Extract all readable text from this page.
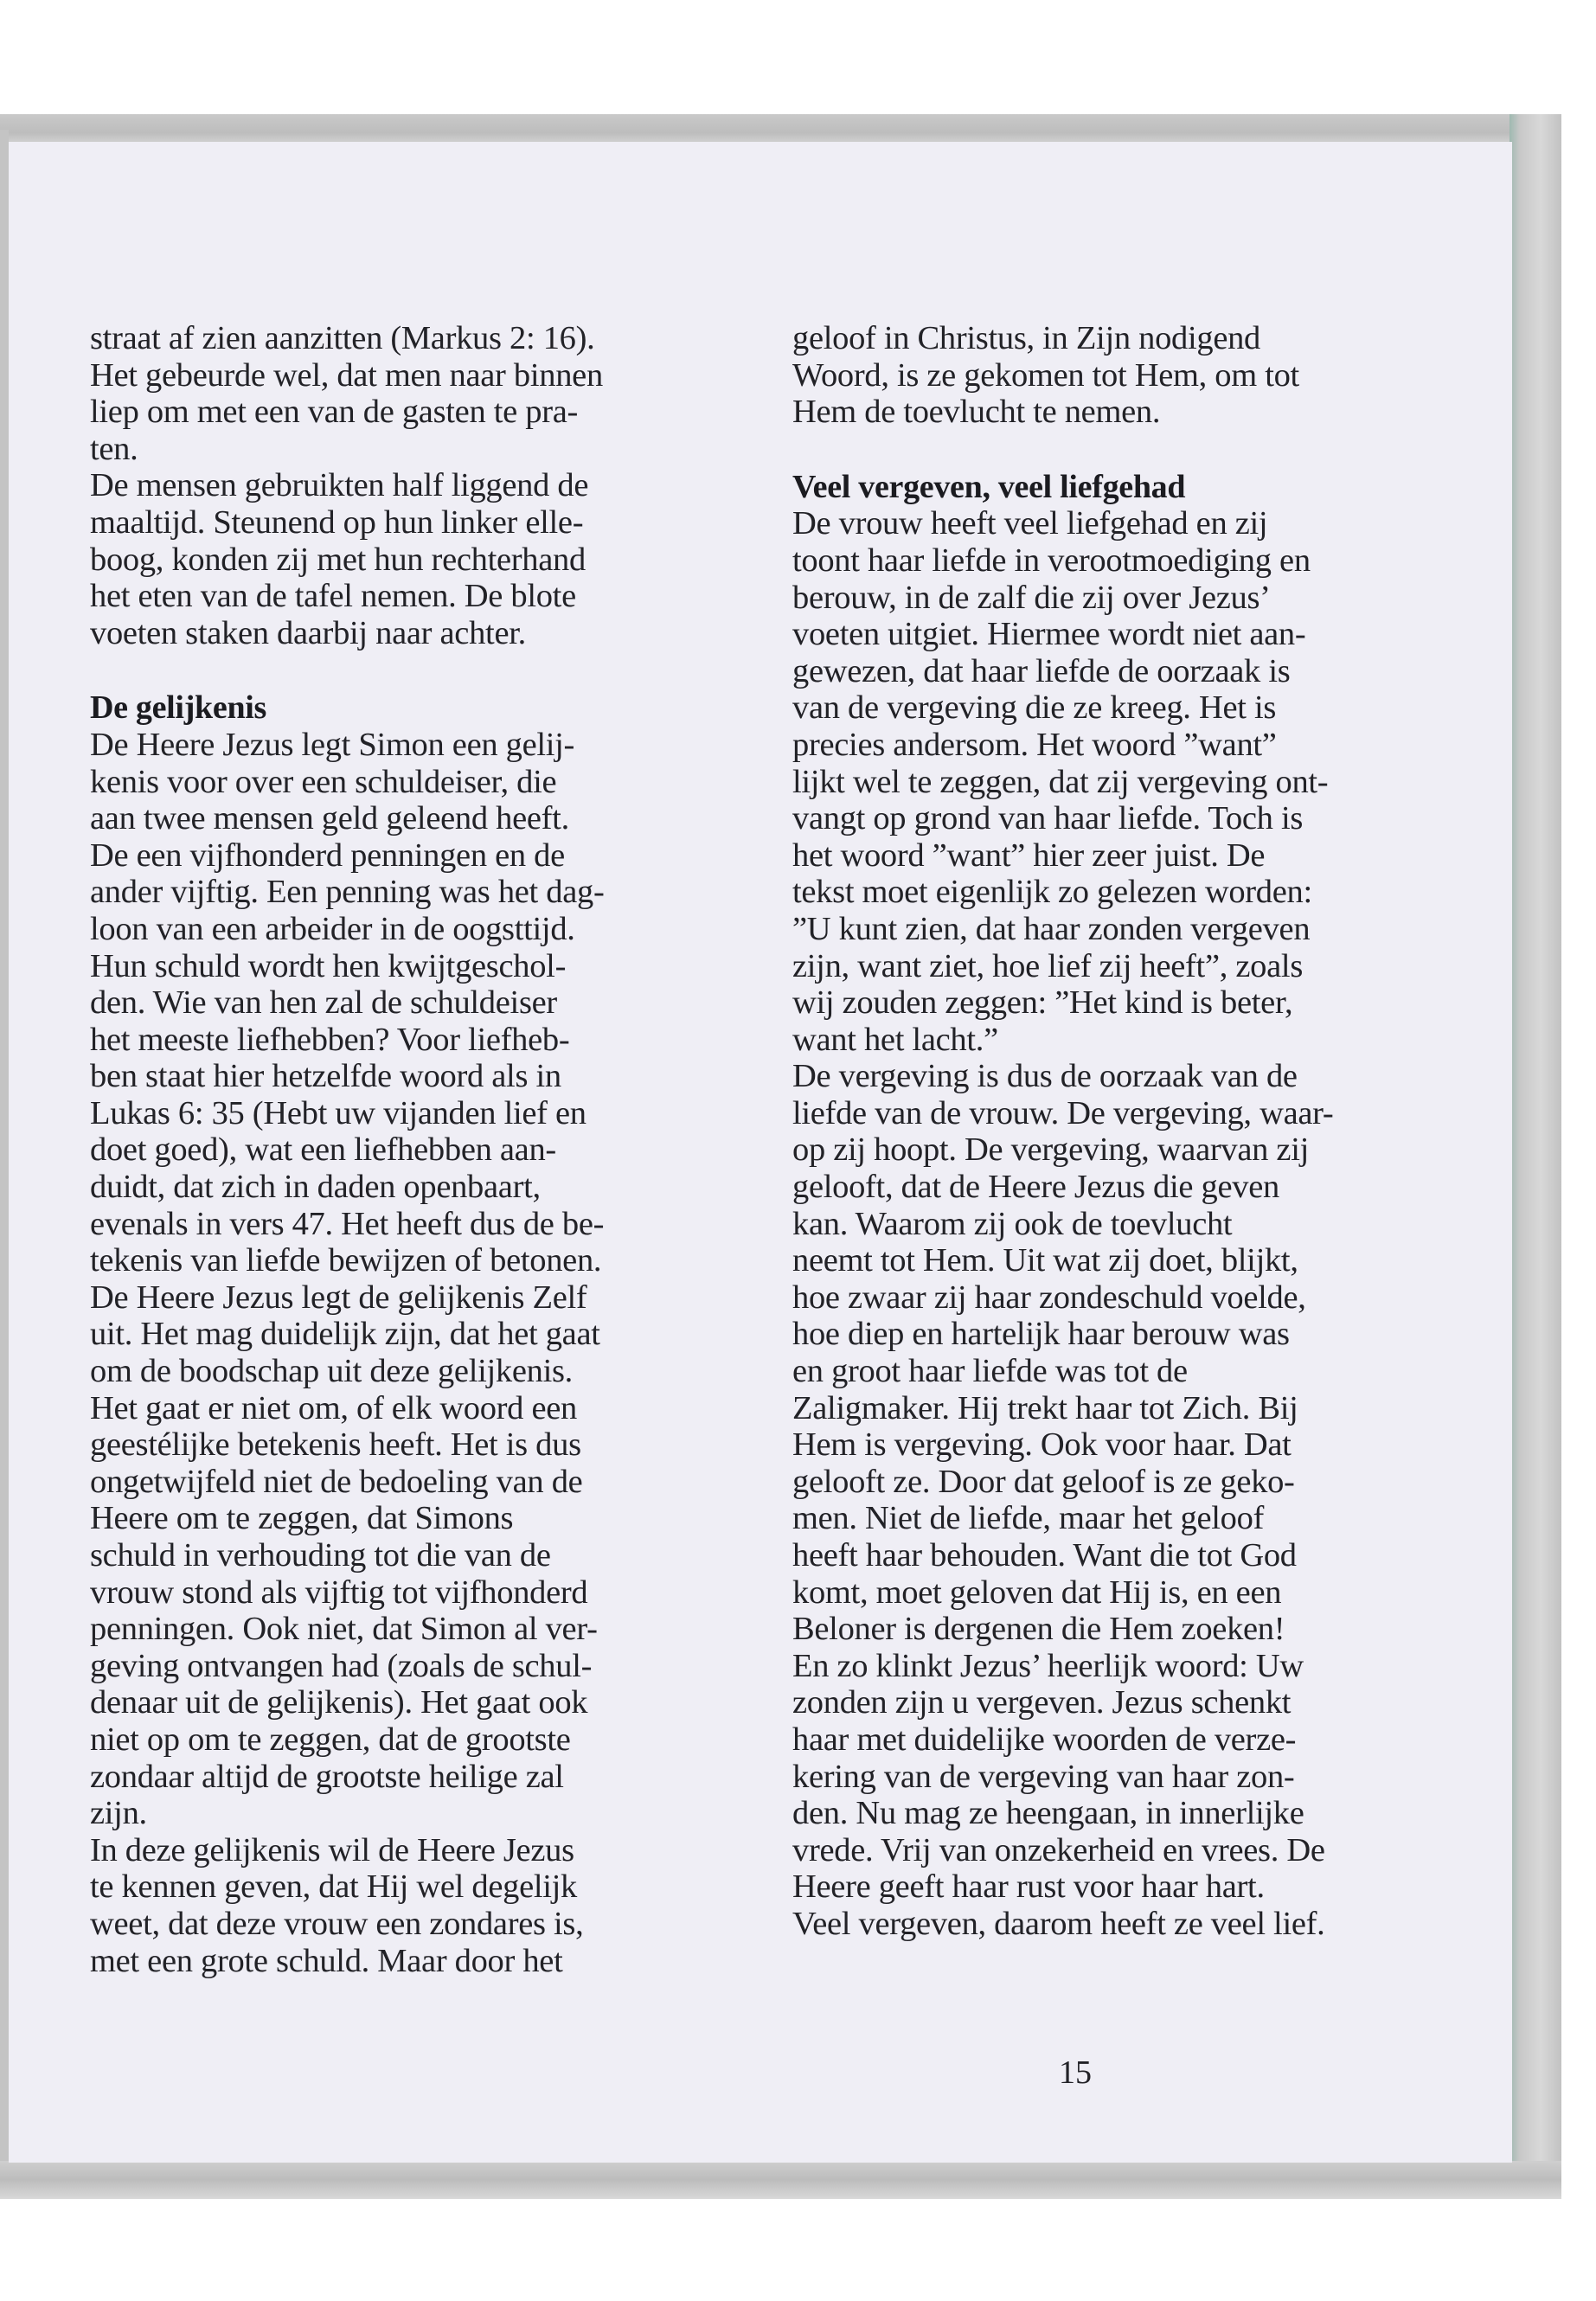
straat af zien aanzitten (Markus 2: 16).
Het gebeurde wel, dat men naar binnen
liep om met een van de gasten te pra-
ten.
De mensen gebruikten half liggend de
maaltijd. Steunend op hun linker elle-
boog, konden zij met hun rechterhand
het eten van de tafel nemen. De blote
voeten staken daarbij naar achter.
De gelijkenis
De Heere Jezus legt Simon een gelij-
kenis voor over een schuldeiser, die
aan twee mensen geld geleend heeft.
De een vijfhonderd penningen en de
ander vijftig. Een penning was het dag-
loon van een arbeider in de oogsttijd.
Hun schuld wordt hen kwijtgeschol-
den. Wie van hen zal de schuldeiser
het meeste liefhebben? Voor liefheb-
ben staat hier hetzelfde woord als in
Lukas 6: 35 (Hebt uw vijanden lief en
doet goed), wat een liefhebben aan-
duidt, dat zich in daden openbaart,
evenals in vers 47. Het heeft dus de be-
tekenis van liefde bewijzen of betonen.
De Heere Jezus legt de gelijkenis Zelf
uit. Het mag duidelijk zijn, dat het gaat
om de boodschap uit deze gelijkenis.
Het gaat er niet om, of elk woord een
geestélijke betekenis heeft. Het is dus
ongetwijfeld niet de bedoeling van de
Heere om te zeggen, dat Simons
schuld in verhouding tot die van de
vrouw stond als vijftig tot vijfhonderd
penningen. Ook niet, dat Simon al ver-
geving ontvangen had (zoals de schul-
denaar uit de gelijkenis). Het gaat ook
niet op om te zeggen, dat de grootste
zondaar altijd de grootste heilige zal
zijn.
In deze gelijkenis wil de Heere Jezus
te kennen geven, dat Hij wel degelijk
weet, dat deze vrouw een zondares is,
met een grote schuld. Maar door het
geloof in Christus, in Zijn nodigend
Woord, is ze gekomen tot Hem, om tot
Hem de toevlucht te nemen.
Veel vergeven, veel liefgehad
De vrouw heeft veel liefgehad en zij
toont haar liefde in verootmoediging en
berouw, in de zalf die zij over Jezus’
voeten uitgiet. Hiermee wordt niet aan-
gewezen, dat haar liefde de oorzaak is
van de vergeving die ze kreeg. Het is
precies andersom. Het woord ”want”
lijkt wel te zeggen, dat zij vergeving ont-
vangt op grond van haar liefde. Toch is
het woord ”want” hier zeer juist. De
tekst moet eigenlijk zo gelezen worden:
”U kunt zien, dat haar zonden vergeven
zijn, want ziet, hoe lief zij heeft”, zoals
wij zouden zeggen: ”Het kind is beter,
want het lacht.”
De vergeving is dus de oorzaak van de
liefde van de vrouw. De vergeving, waar-
op zij hoopt. De vergeving, waarvan zij
gelooft, dat de Heere Jezus die geven
kan. Waarom zij ook de toevlucht
neemt tot Hem. Uit wat zij doet, blijkt,
hoe zwaar zij haar zondeschuld voelde,
hoe diep en hartelijk haar berouw was
en groot haar liefde was tot de
Zaligmaker. Hij trekt haar tot Zich. Bij
Hem is vergeving. Ook voor haar. Dat
gelooft ze. Door dat geloof is ze geko-
men. Niet de liefde, maar het geloof
heeft haar behouden. Want die tot God
komt, moet geloven dat Hij is, en een
Beloner is dergenen die Hem zoeken!
En zo klinkt Jezus’ heerlijk woord: Uw
zonden zijn u vergeven. Jezus schenkt
haar met duidelijke woorden de verze-
kering van de vergeving van haar zon-
den. Nu mag ze heengaan, in innerlijke
vrede. Vrij van onzekerheid en vrees. De
Heere geeft haar rust voor haar hart.
Veel vergeven, daarom heeft ze veel lief.
15
